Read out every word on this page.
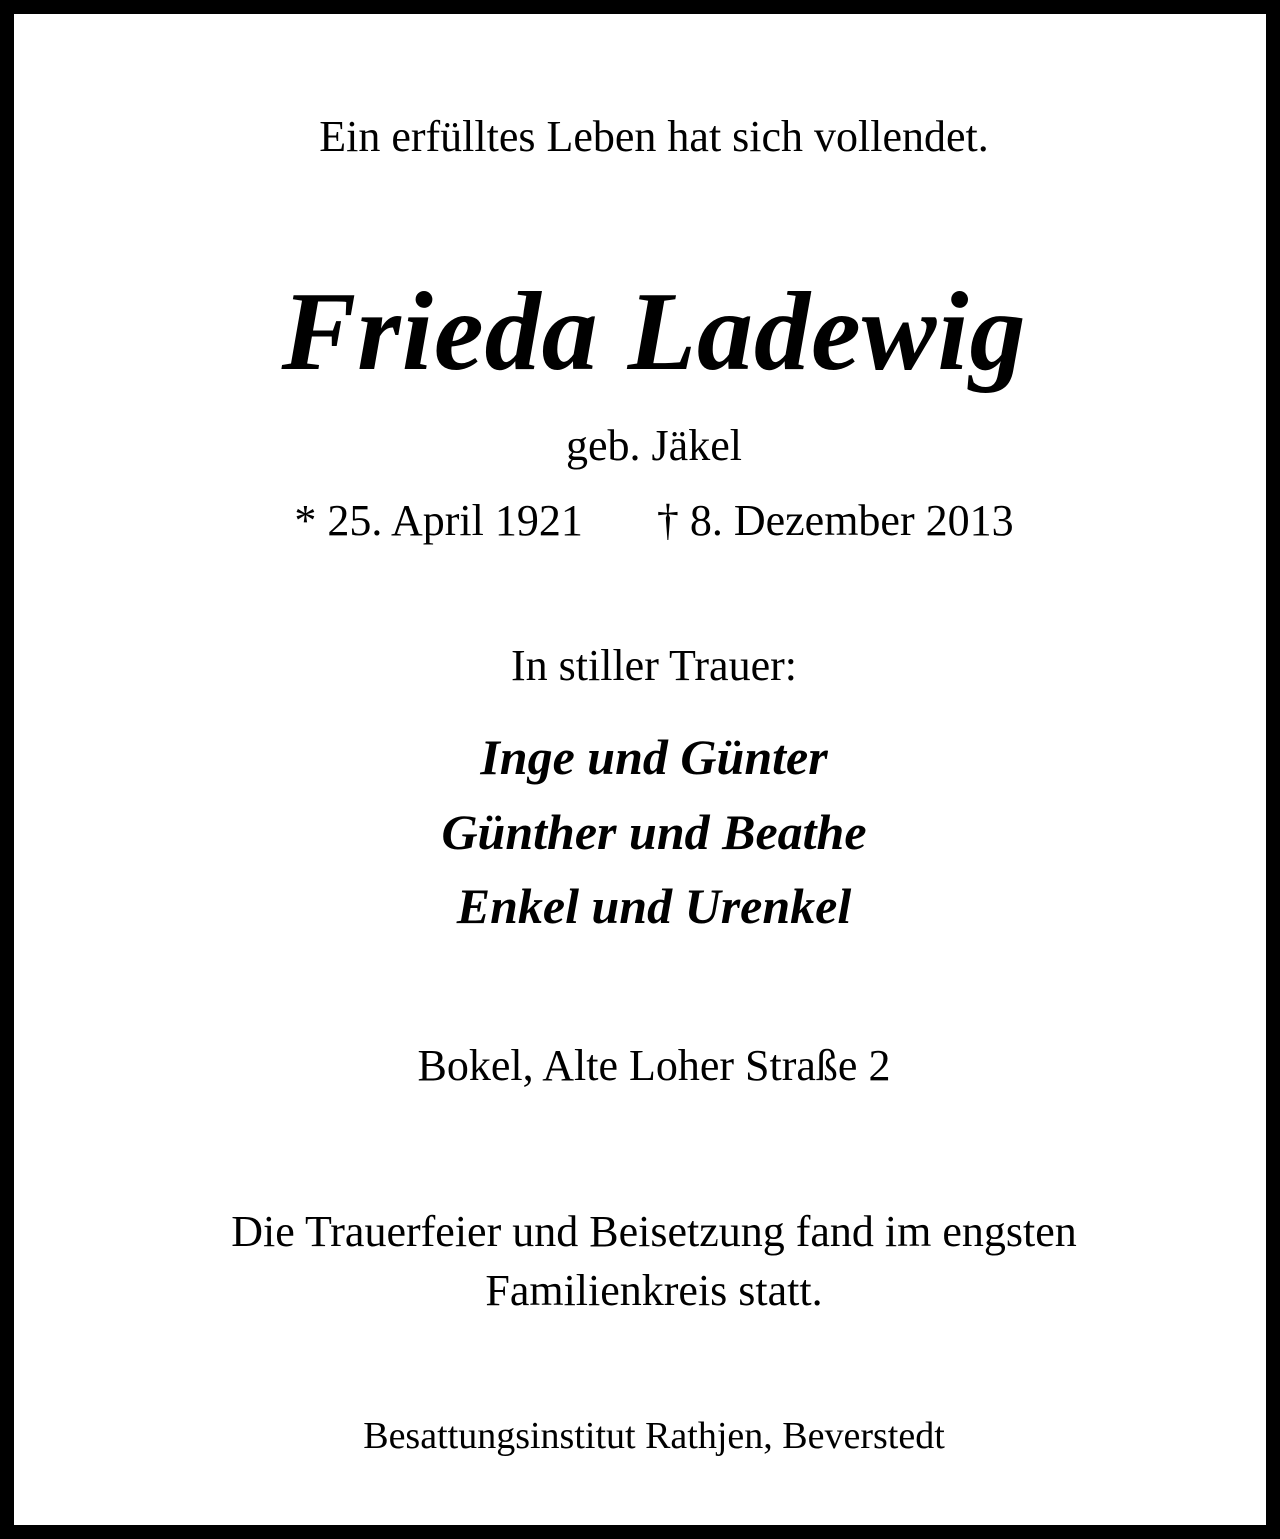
Ein erfülltes Leben hat sich vollendet.
Frieda Ladewig
geb. Jäkel
* 25. April 1921 † 8. Dezember 2013
In stiller Trauer:
Inge und Günter
Günther und Beathe
Enkel und Urenkel
Bokel, Alte Loher Straße 2
Die Trauerfeier und Beisetzung fand im engsten
Familienkreis statt.
Besattungsinstitut Rathjen, Beverstedt
